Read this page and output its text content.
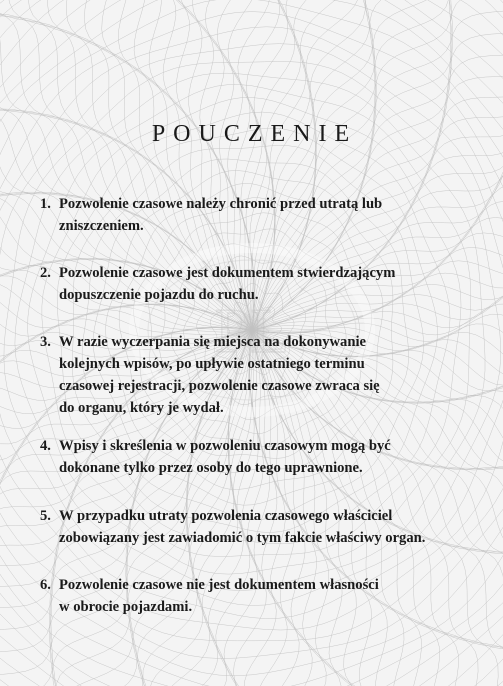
PL
POUCZENIE
1. Pozwolenie czasowe należy chronić przed utratą lub
zniszczeniem.
2. Pozwolenie czasowe jest dokumentem stwierdzającym
dopuszczenie pojazdu do ruchu.
3. W razie wyczerpania się miejsca na dokonywanie
kolejnych wpisów, po upływie ostatniego terminu
czasowej rejestracji, pozwolenie czasowe zwraca się
do organu, który je wydał.
4. Wpisy i skreślenia w pozwoleniu czasowym mogą być
dokonane tylko przez osoby do tego uprawnione.
5. W przypadku utraty pozwolenia czasowego właściciel
zobowiązany jest zawiadomić o tym fakcie właściwy organ.
6. Pozwolenie czasowe nie jest dokumentem własności
w obrocie pojazdami.
